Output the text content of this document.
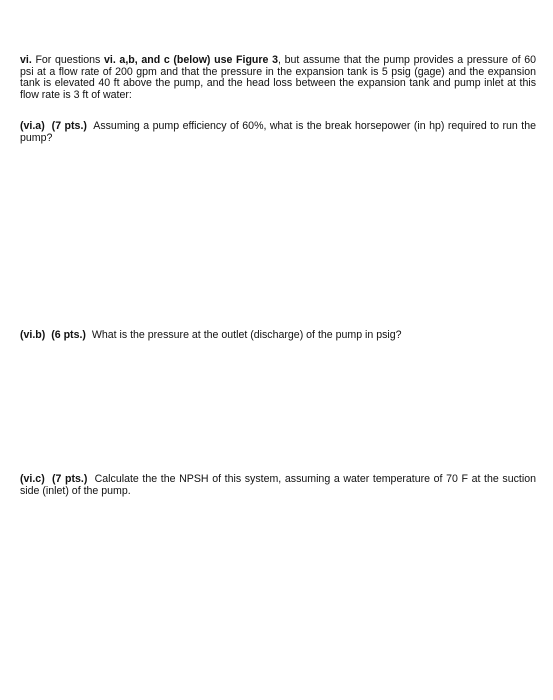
vi. For questions vi. a,b, and c (below) use Figure 3, but assume that the pump provides a pressure of 60 psi at a flow rate of 200 gpm and that the pressure in the expansion tank is 5 psig (gage) and the expansion tank is elevated 40 ft above the pump, and the head loss between the expansion tank and pump inlet at this flow rate is 3 ft of water:

(vi.a) (7 pts.) Assuming a pump efficiency of 60%, what is the break horsepower (in hp) required to run the pump?

(vi.b) (6 pts.) What is the pressure at the outlet (discharge) of the pump in psig?

(vi.c) (7 pts.) Calculate the the NPSH of this system, assuming a water temperature of 70 F at the suction side (inlet) of the pump.
